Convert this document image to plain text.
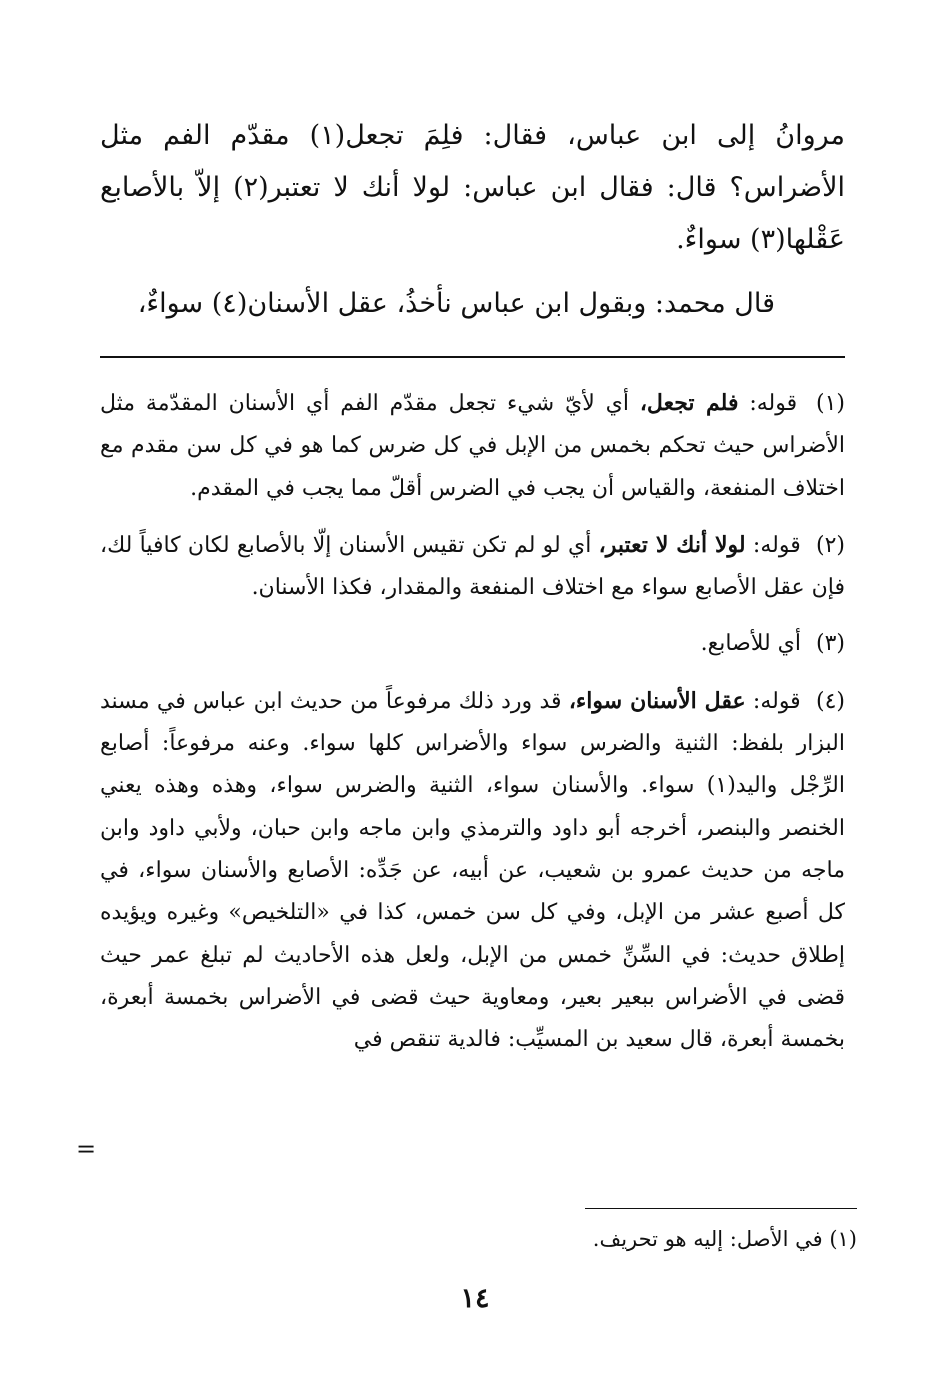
مروانُ إلى ابن عباس، فقال: فلِمَ تجعل(١) مقدّم الفم مثل الأضراس؟ قال: فقال ابن عباس: لولا أنك لا تعتبر(٢) إلاّ بالأصابع عَقْلها(٣) سواءٌ.

قال محمد: وبقول ابن عباس نأخذُ، عقل الأسنان(٤) سواءٌ،

(١) قوله: فلم تجعل، أي لأيّ شيء تجعل مقدّم الفم أي الأسنان المقدّمة مثل الأضراس حيث تحكم بخمس من الإبل في كل ضرس كما هو في كل سن مقدم مع اختلاف المنفعة، والقياس أن يجب في الضرس أقلّ مما يجب في المقدم.

(٢) قوله: لولا أنك لا تعتبر، أي لو لم تكن تقيس الأسنان إلّا بالأصابع لكان كافياً لك، فإن عقل الأصابع سواء مع اختلاف المنفعة والمقدار، فكذا الأسنان.

(٣) أي للأصابع.

(٤) قوله: عقل الأسنان سواء، قد ورد ذلك مرفوعاً من حديث ابن عباس في مسند البزار بلفظ: الثنية والضرس سواء والأضراس كلها سواء. وعنه مرفوعاً: أصابع الرِّجْل واليد(١) سواء. والأسنان سواء، الثنية والضرس سواء، وهذه وهذه يعني الخنصر والبنصر، أخرجه أبو داود والترمذي وابن ماجه وابن حبان، ولأبي داود وابن ماجه من حديث عمرو بن شعيب، عن أبيه، عن جَدِّه: الأصابع والأسنان سواء، في كل أصبع عشر من الإبل، وفي كل سن خمس، كذا في «التلخيص» وغيره ويؤيده إطلاق حديث: في السِّنِّ خمس من الإبل، ولعل هذه الأحاديث لم تبلغ عمر حيث قضى في الأضراس ببعير بعير، ومعاوية حيث قضى في الأضراس بخمسة أبعرة، بخمسة أبعرة، قال سعيد بن المسيِّب: فالدية تنقص في

=
(١) في الأصل: إليه هو تحريف.
١٤
